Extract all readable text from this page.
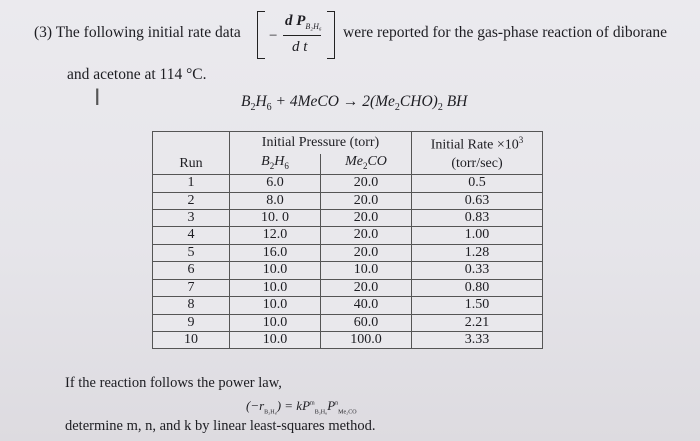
(3) The following initial rate data −
d $P_{B_2H_6}$
d t
were reported for the gas-phase reaction of diborane
and acetone at 114 °C.
I	$B_2H_6$ + 4MeCO → $2(Me_2CHO)_2$ BH
	Initial Pressure (torr)		Initial Rate $\times 10^3$
Run	$B_2H_6$	$Me_2CO$	(torr/sec)
1	6.0	20.0	0.5
2	8.0	20.0	0.63
3	10. 0	20.0	0.83
4	12.0	20.0	1.00
5	16.0	20.0	1.28
6	10.0	10.0	0.33
7	10.0	20.0	0.80
8	10.0	40.0	1.50
9	10.0	60.0	2.21
10	10.0	100.0	3.33
If the reaction follows the power law,
$(-r_{B_2H_6}) = kP^m_{B_2H_6}P^n_{Me_2CO}$
determine m, n, and k by linear least-squares method.
